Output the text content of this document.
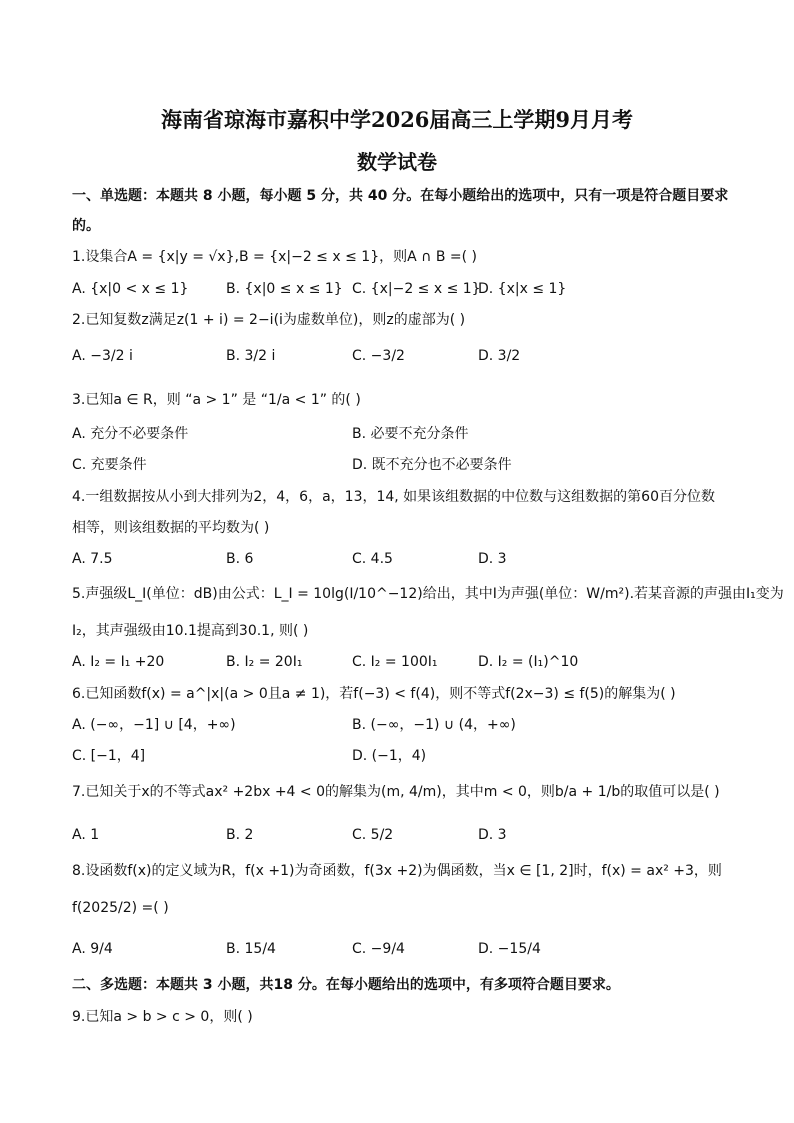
海南省琼海市嘉积中学2026届高三上学期9月月考
数学试卷
一、单选题：本题共 8 小题，每小题 5 分，共 40 分。在每小题给出的选项中，只有一项是符合题目要求
的。
1.设集合A = {x|y = √x},B = {x|−2 ≤ x ≤ 1}，则A ∩ B =( )
A. {x|0 < x ≤ 1}	B. {x|0 ≤ x ≤ 1} C. {x|−2 ≤ x ≤ 1}
D. {x|x ≤ 1}
2.已知复数z满足z(1 + i) = 2−i(i为虚数单位)，则z的虚部为( )
A. −3/2 i	B. 3/2 i	C. −3/2	D. 3/2
3.已知a ∈ R，则 “a > 1” 是 “1/a < 1” 的( )
A. 充分不必要条件	B. 必要不充分条件
C. 充要条件	D. 既不充分也不必要条件
4.一组数据按从小到大排列为2，4，6，a，13，14, 如果该组数据的中位数与这组数据的第60百分位数
相等，则该组数据的平均数为( )
A. 7.5	B. 6	C. 4.5	D. 3
5.声强级L_I(单位：dB)由公式：L_I = 10lg(I/10^−12)给出，其中I为声强(单位：W/m²).若某音源的声强由I₁变为
I₂，其声强级由10.1提高到30.1, 则( )
A. I₂ = I₁ +20	B. I₂ = 20I₁	C. I₂ = 100I₁	D. I₂ = (I₁)^10
6.已知函数f(x) = a^|x|(a > 0且a ≠ 1)，若f(−3) < f(4)，则不等式f(2x−3) ≤ f(5)的解集为( )
A. (−∞，−1] ∪ [4，+∞)	B. (−∞，−1) ∪ (4，+∞)
C. [−1，4]	D. (−1，4)
7.已知关于x的不等式ax² +2bx +4 < 0的解集为(m, 4/m)，其中m < 0，则b/a + 1/b的取值可以是( )
A. 1	B. 2	C. 5/2	D. 3
8.设函数f(x)的定义域为R，f(x +1)为奇函数，f(3x +2)为偶函数，当x ∈ [1, 2]时，f(x) = ax² +3，则
f(2025/2) =( )
A. 9/4	B. 15/4	C. −9/4	D. −15/4
二、多选题：本题共 3 小题，共18 分。在每小题给出的选项中，有多项符合题目要求。
9.已知a > b > c > 0，则( )
